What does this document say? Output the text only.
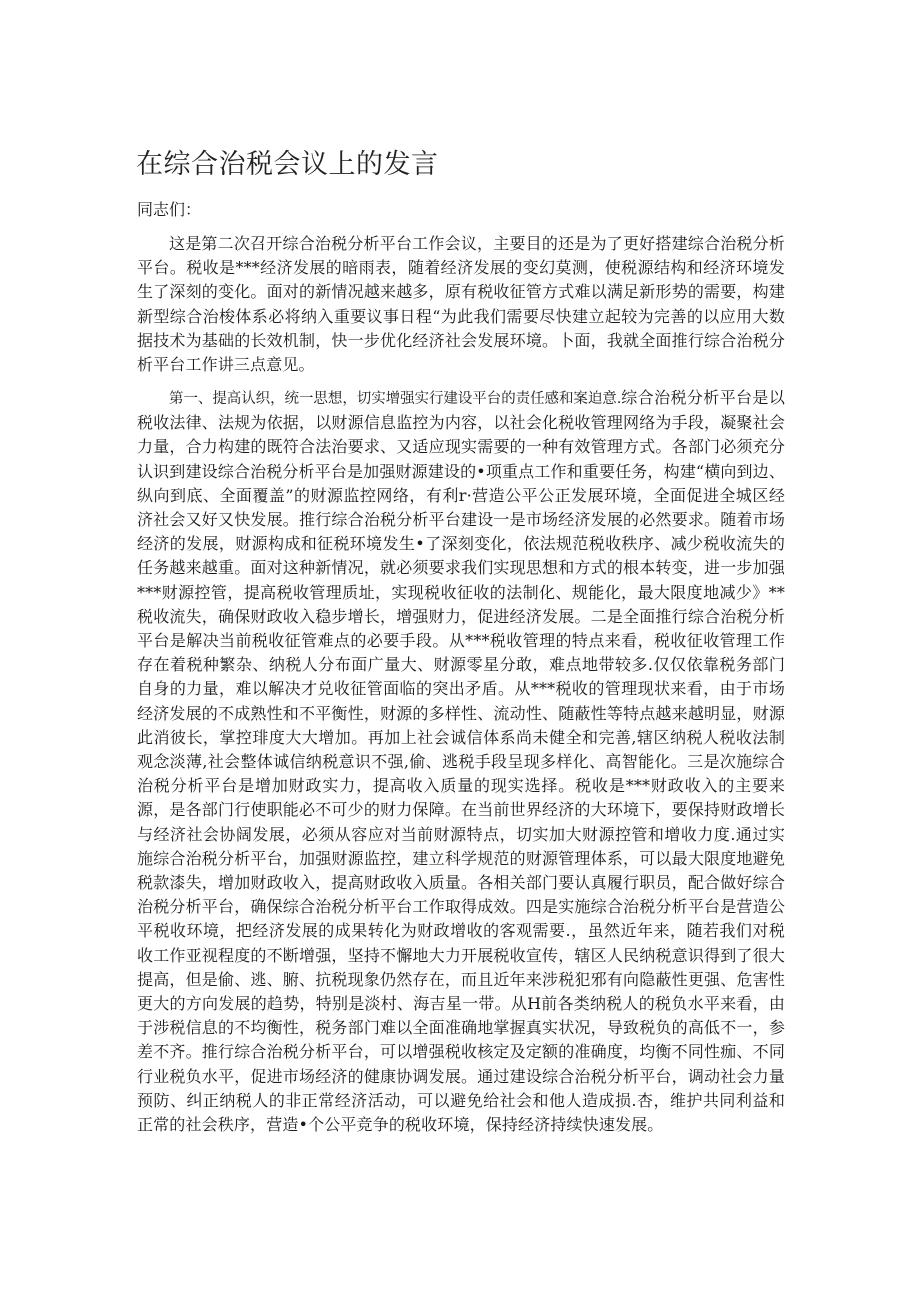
在综合治税会议上的发言

同志们：

这是第二次召开综合治税分析平台工作会议，主要目的还是为了更好搭建综合治税分析平台。税收是***经济发展的暗雨表，随着经济发展的变幻莫测，使税源结构和经济环境发生了深刻的变化。面对的新情况越来越多，原有税收征管方式难以满足新形势的需要，构建新型综合治梭体系必将纳入重要议事日程“为此我们需要尽快建立起较为完善的以应用大数据技术为基础的长效机制，快一步优化经济社会发展环境。卜面，我就全面推行综合治税分析平台工作讲三点意见。

第一、提高认织，统一思想，切实增强实行建设平台的责任感和案迫意.综合治税分析平台是以税收法律、法规为依据，以财源信息监控为内容，以社会化税收管理网络为手段，凝聚社会力量，合力构建的既符合法治要求、又适应现实需要的一种有效管理方式。各部门必须充分认识到建设综合治税分析平台是加强财源建设的•项重点工作和重要任务，构建“横向到边、纵向到底、全面覆盖”的财源监控网络，有利r·营造公平公正发展环境，全面促进全城区经济社会又好又快发展。推行综合治税分析平台建设一是市场经济发展的必然要求。随着市场经济的发展，财源构成和征税环境发生•了深刻变化，依法规范税收秩序、减少税收流失的任务越来越重。面对这种新情况，就必须要求我们实现思想和方式的根本转变，进一步加强***财源控管，提高税收管理质址，实现税收征收的法制化、规能化，最大限度地减少》**税收流失，确保财政收入稳步增长，增强财力，促进经济发展。二是全面推行综合治税分析平台是解决当前税收征管难点的必要手段。从***税收管理的特点来看，税收征收管理工作存在着税种繁杂、纳税人分布面广量大、财源零星分敢，难点地带较多.仅仅依靠税务部门自身的力量，难以解决才兑收征管面临的突出矛盾。从***税收的管理现状来看，由于市场经济发展的不成熟性和不平衡性，财源的多样性、流动性、随蔽性等特点越来越明显，财源此消彼长，掌控琲度大大增加。再加上社会诚信体系尚未健全和完善,辖区纳税人税收法制观念淡薄,社会整体诚信纳税意识不强,偷、逃税手段呈现多样化、高智能化。三是次施综合治税分析平台是增加财政实力，提高收入质量的现实选择。税收是***财政收入的主要来源，是各部门行使职能必不可少的财力保障。在当前世界经济的大环境下，要保持财政增长与经济社会协阔发展，必须从容应对当前财源特点，切实加大财源控管和增收力度.通过实施综合治税分析平台，加强财源监控，建立科学规范的财源管理体系，可以最大限度地避免税款漆失，增加财政收入，提高财政收入质量。各相关部门要认真履行职员，配合做好综合治税分析平台，确保综合治税分析平台工作取得成效。四是实施综合治税分析平台是营造公平税收环境，把经济发展的成果转化为财政增收的客观需要.，虽然近年来，随若我们对税收工作亚视程度的不断增强，坚持不懈地大力开展税收宣传，辖区人民纳税意识得到了很大提高，但是偷、逃、腑、抗税现象仍然存在，而且近年来涉税犯邪有向隐蔽性更强、危害性更大的方向发展的趋势，特别是淡村、海吉星一带。从H前各类纳税人的税负水平来看，由于涉税信息的不均衡性，税务部门难以全面准确地掌握真实状况，导致税负的高低不一，参差不齐。推行综合治税分析平台，可以增强税收核定及定额的准确度，均衡不同性痂、不同行业税负水平，促进市场经济的健康协调发展。通过建设综合治税分析平台，调动社会力量预防、纠正纳税人的非正常经济活动，可以避免给社会和他人造成损.杏，维护共同利益和正常的社会秩序，营造•个公平竞争的税收环境，保持经济持续快速发展。
